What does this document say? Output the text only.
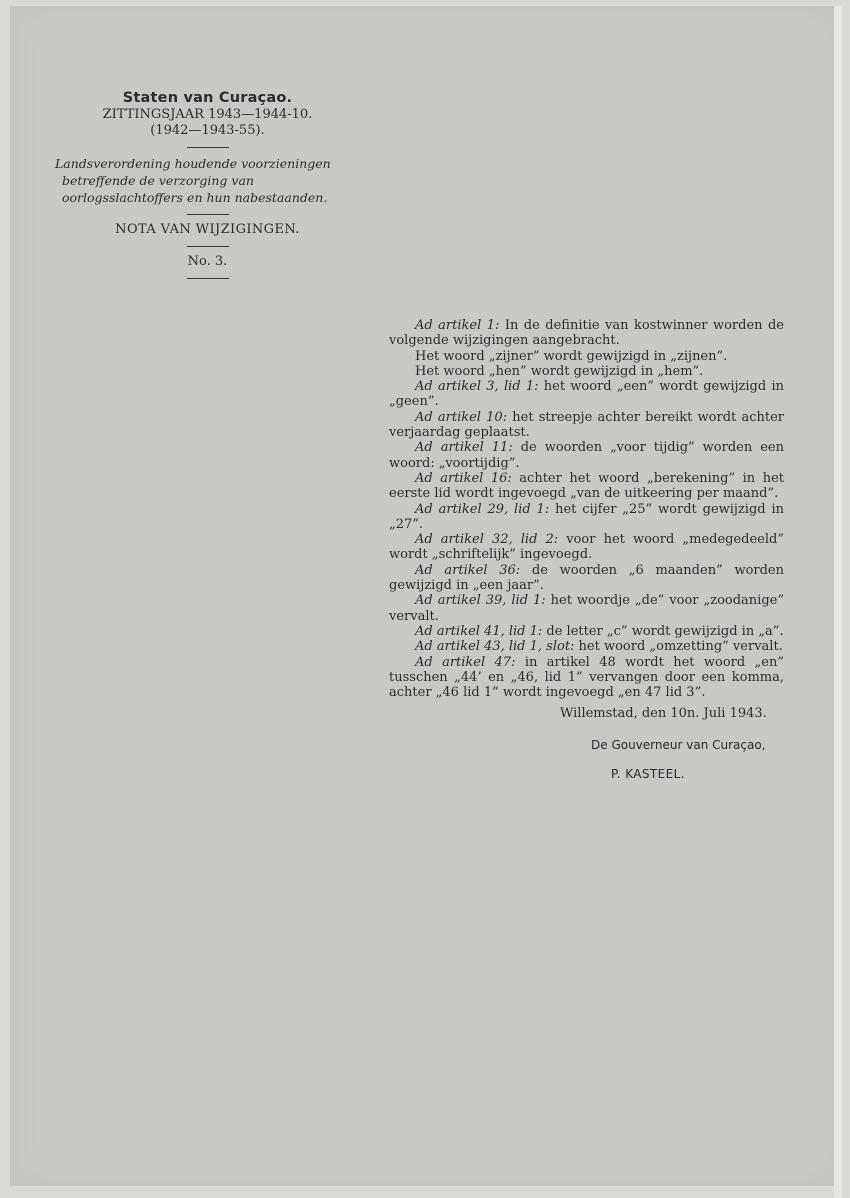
Staten van Curaçao.
ZITTINGSJAAR 1943—1944-10.
(1942—1943-55).
Landsverordening houdende voorzieningen betreffende de verzorging van oorlogsslachtoffers en hun nabestaanden.
NOTA VAN WIJZIGINGEN.
No. 3.

Ad artikel 1: In de definitie van kostwinner worden de volgende wijzigingen aangebracht.

Het woord „zijner” wordt gewijzigd in „zijnen”.

Het woord „hen” wordt gewijzigd in „hem”.

Ad artikel 3, lid 1: het woord „een” wordt gewijzigd in „geen”.

Ad artikel 10: het streepje achter bereikt wordt achter verjaardag geplaatst.

Ad artikel 11: de woorden „voor tijdig” worden een woord: „voortijdig”.

Ad artikel 16: achter het woord „berekening” in het eerste lid wordt ingevoegd „van de uitkeering per maand”.

Ad artikel 29, lid 1: het cijfer „25” wordt gewijzigd in „27”.

Ad artikel 32, lid 2: voor het woord „medegedeeld” wordt „schriftelijk” ingevoegd.

Ad artikel 36: de woorden „6 maanden” worden gewijzigd in „een jaar”.

Ad artikel 39, lid 1: het woordje „de” voor „zoodanige” vervalt.

Ad artikel 41, lid 1: de letter „c” wordt gewijzigd in „a”.

Ad artikel 43, lid 1, slot: het woord „omzetting” vervalt.

Ad artikel 47: in artikel 48 wordt het woord „en” tusschen „44’ en „46, lid 1” vervangen door een komma, achter „46 lid 1” wordt ingevoegd „en 47 lid 3”.

Willemstad, den 10n. Juli 1943.
De Gouverneur van Curaçao,
P. KASTEEL.
